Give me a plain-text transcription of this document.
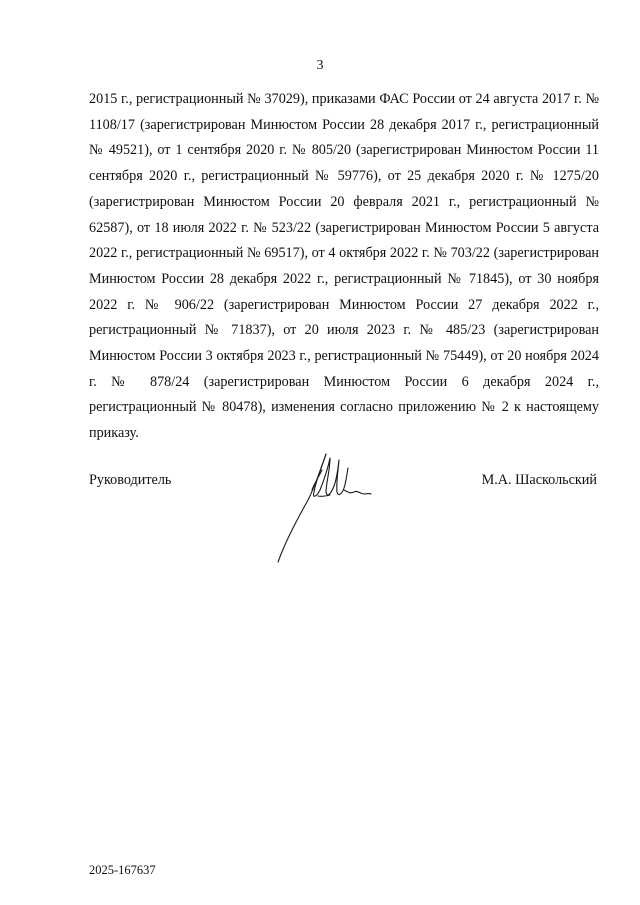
3

2015 г., регистрационный № 37029), приказами ФАС России от 24 августа 2017 г. № 1108/17 (зарегистрирован Минюстом России 28 декабря 2017 г., регистрационный № 49521), от 1 сентября 2020 г. № 805/20 (зарегистрирован Минюстом России 11 сентября 2020 г., регистрационный № 59776), от 25 декабря 2020 г. № 1275/20 (зарегистрирован Минюстом России 20 февраля 2021 г., регистрационный № 62587), от 18 июля 2022 г. № 523/22 (зарегистрирован Минюстом России 5 августа 2022 г., регистрационный № 69517), от 4 октября 2022 г. № 703/22 (зарегистрирован Минюстом России 28 декабря 2022 г., регистрационный № 71845), от 30 ноября 2022 г. № 906/22 (зарегистрирован Минюстом России 27 декабря 2022 г., регистрационный № 71837), от 20 июля 2023 г. № 485/23 (зарегистрирован Минюстом России 3 октября 2023 г., регистрационный № 75449), от 20 ноября 2024 г. № 878/24 (зарегистрирован Минюстом России 6 декабря 2024 г., регистрационный № 80478), изменения согласно приложению № 2 к настоящему приказу.

Руководитель	М.А. Шаскольский
2025-167637
